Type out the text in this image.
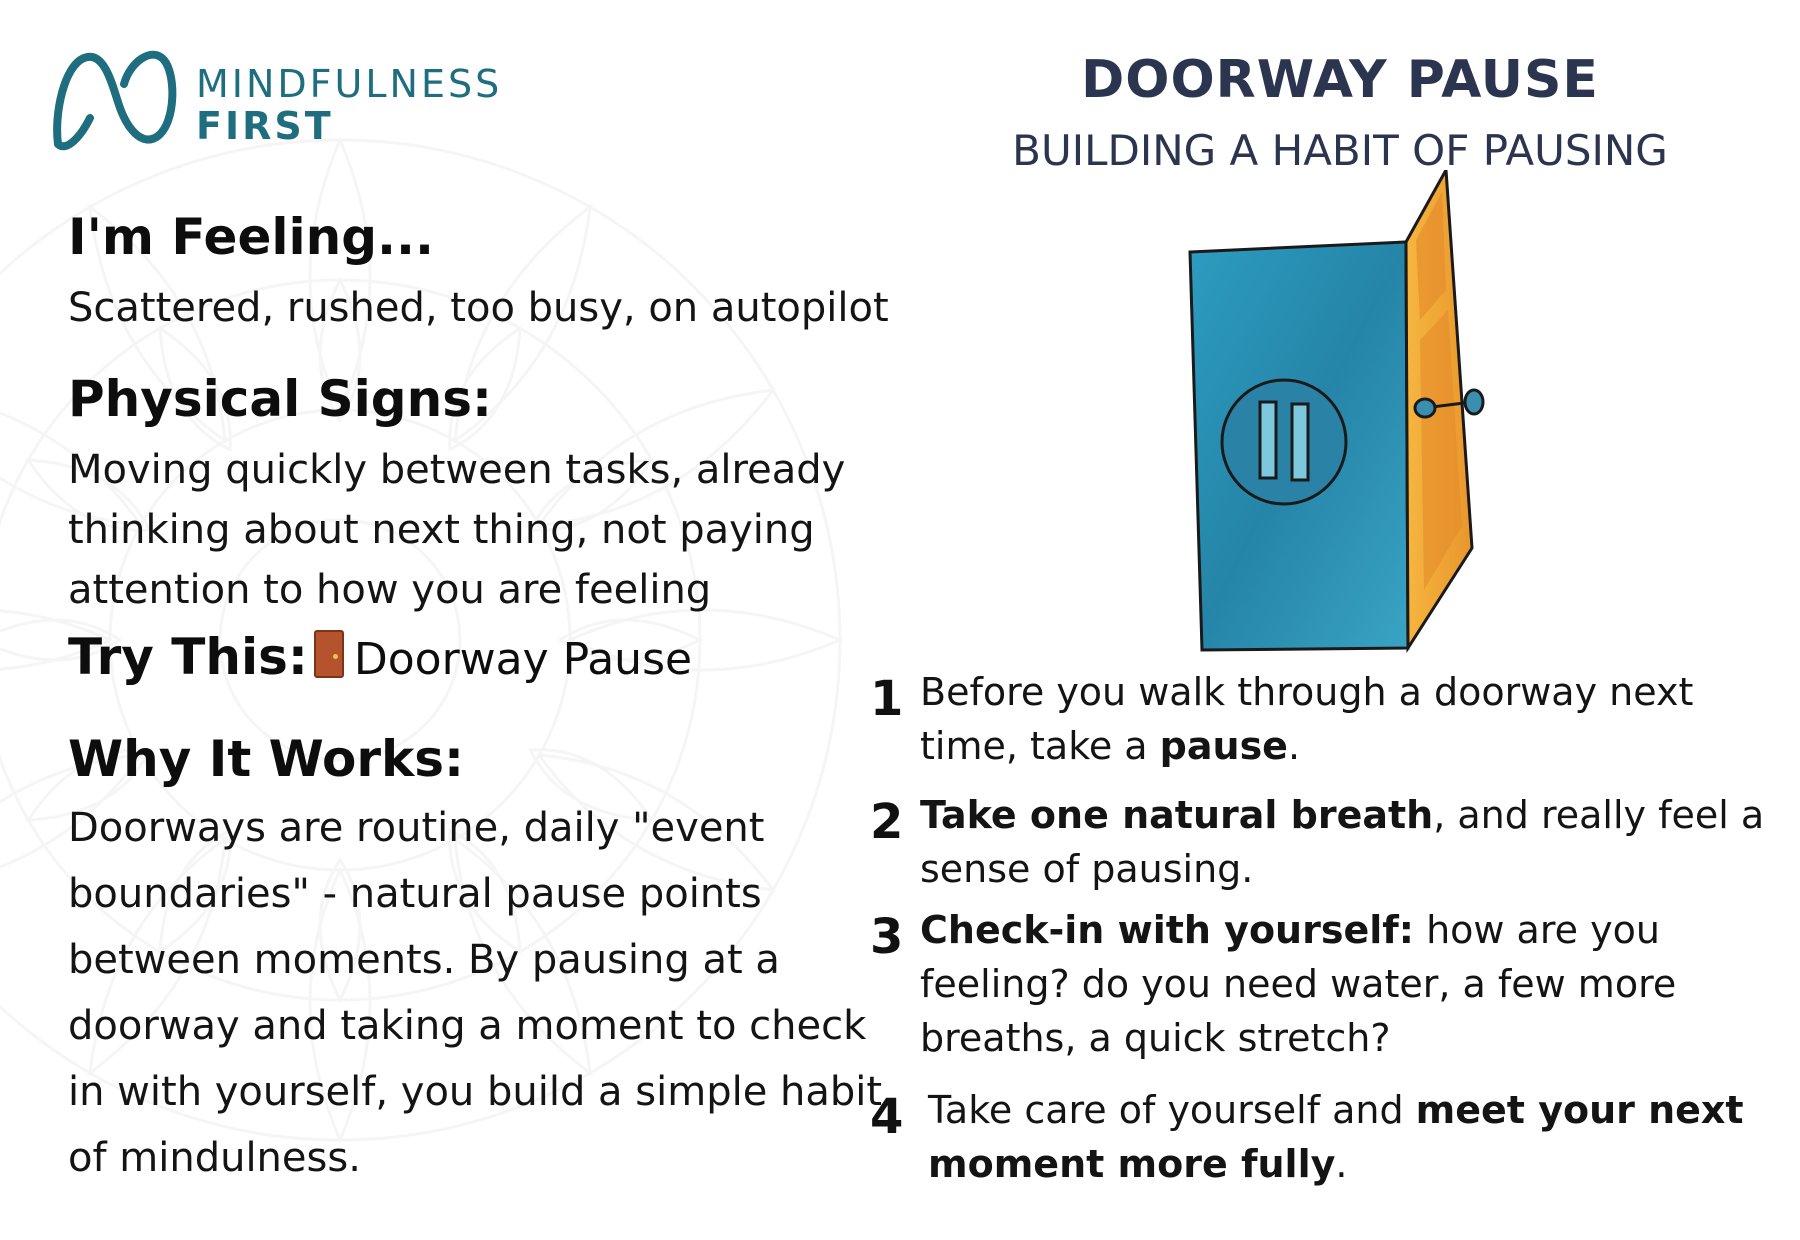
MINDFULNESS
FIRST
DOORWAY PAUSE
BUILDING A HABIT OF PAUSING
I'm Feeling...
Scattered, rushed, too busy, on autopilot
Physical Signs:
Moving quickly between tasks, already thinking about next thing, not paying attention to how you are feeling
Try This: Doorway Pause
Why It Works:
Doorways are routine, daily "event boundaries" - natural pause points between moments. By pausing at a doorway and taking a moment to check in with yourself, you build a simple habit of mindulness.
1 Before you walk through a doorway next time, take a pause.
2 Take one natural breath, and really feel a sense of pausing.
3 Check-in with yourself: how are you feeling? do you need water, a few more breaths, a quick stretch?
4 Take care of yourself and meet your next moment more fully.
